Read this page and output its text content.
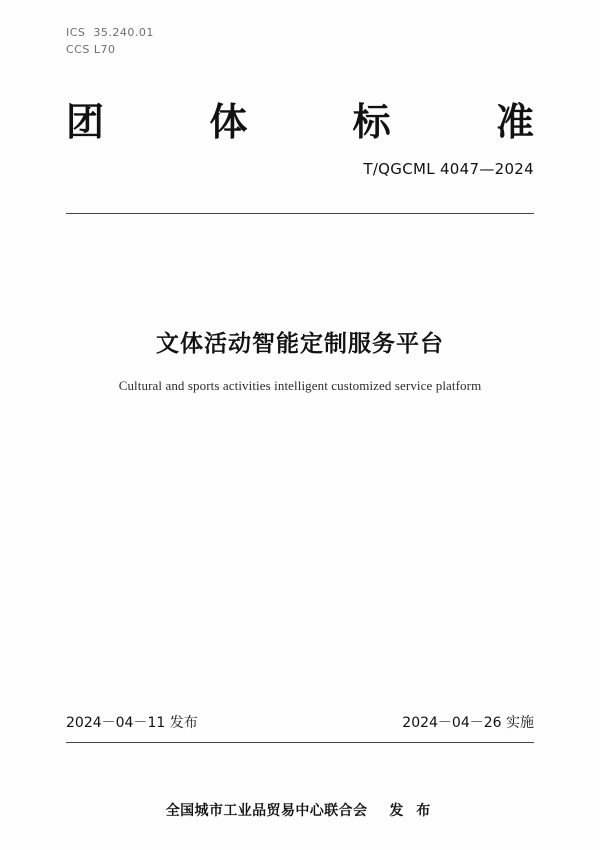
ICS  35.240.01
CCS L70
团	体	标	准
T/QGCML 4047—2024
文体活动智能定制服务平台
Cultural and sports activities intelligent customized service platform
2024－04－11 发布	2024－04－26 实施
全国城市工业品贸易中心联合会 发 布
